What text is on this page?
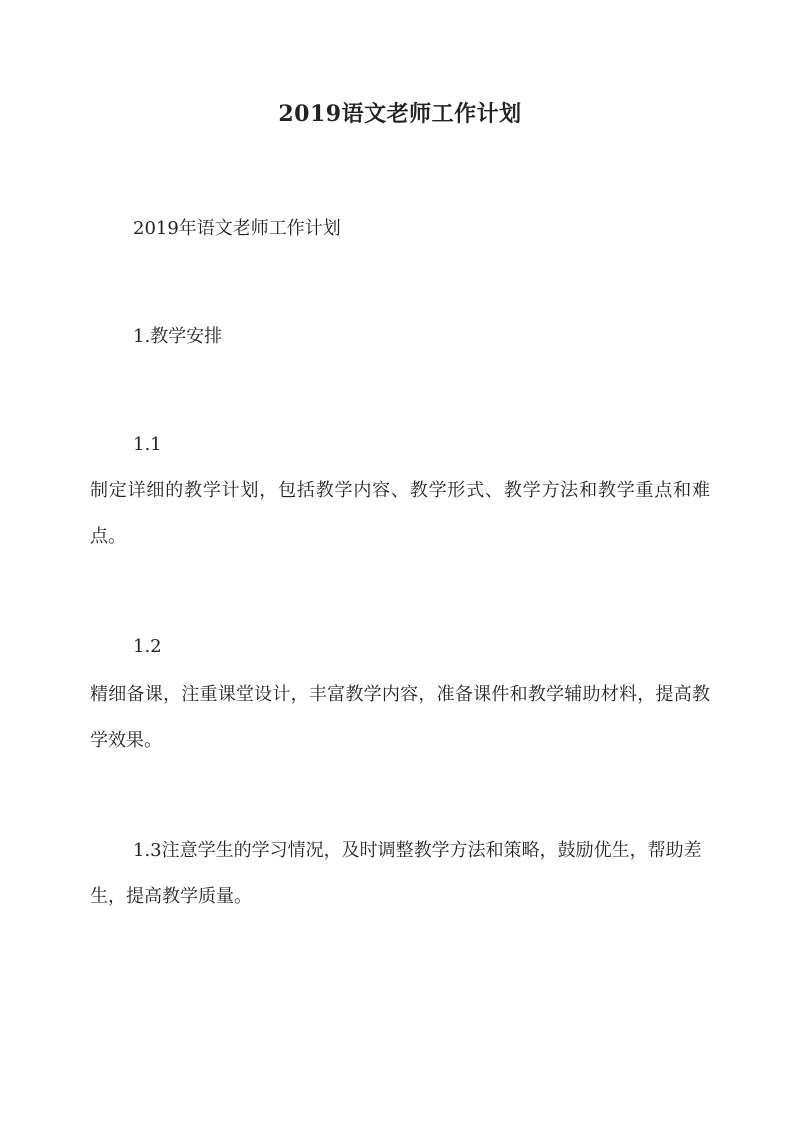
2019语文老师工作计划

2019年语文老师工作计划

1.教学安排

1.1

制定详细的教学计划，包括教学内容、教学形式、教学方法和教学重点和难点。

1.2

精细备课，注重课堂设计，丰富教学内容，准备课件和教学辅助材料，提高教学效果。

1.3注意学生的学习情况，及时调整教学方法和策略，鼓励优生，帮助差生，提高教学质量。
